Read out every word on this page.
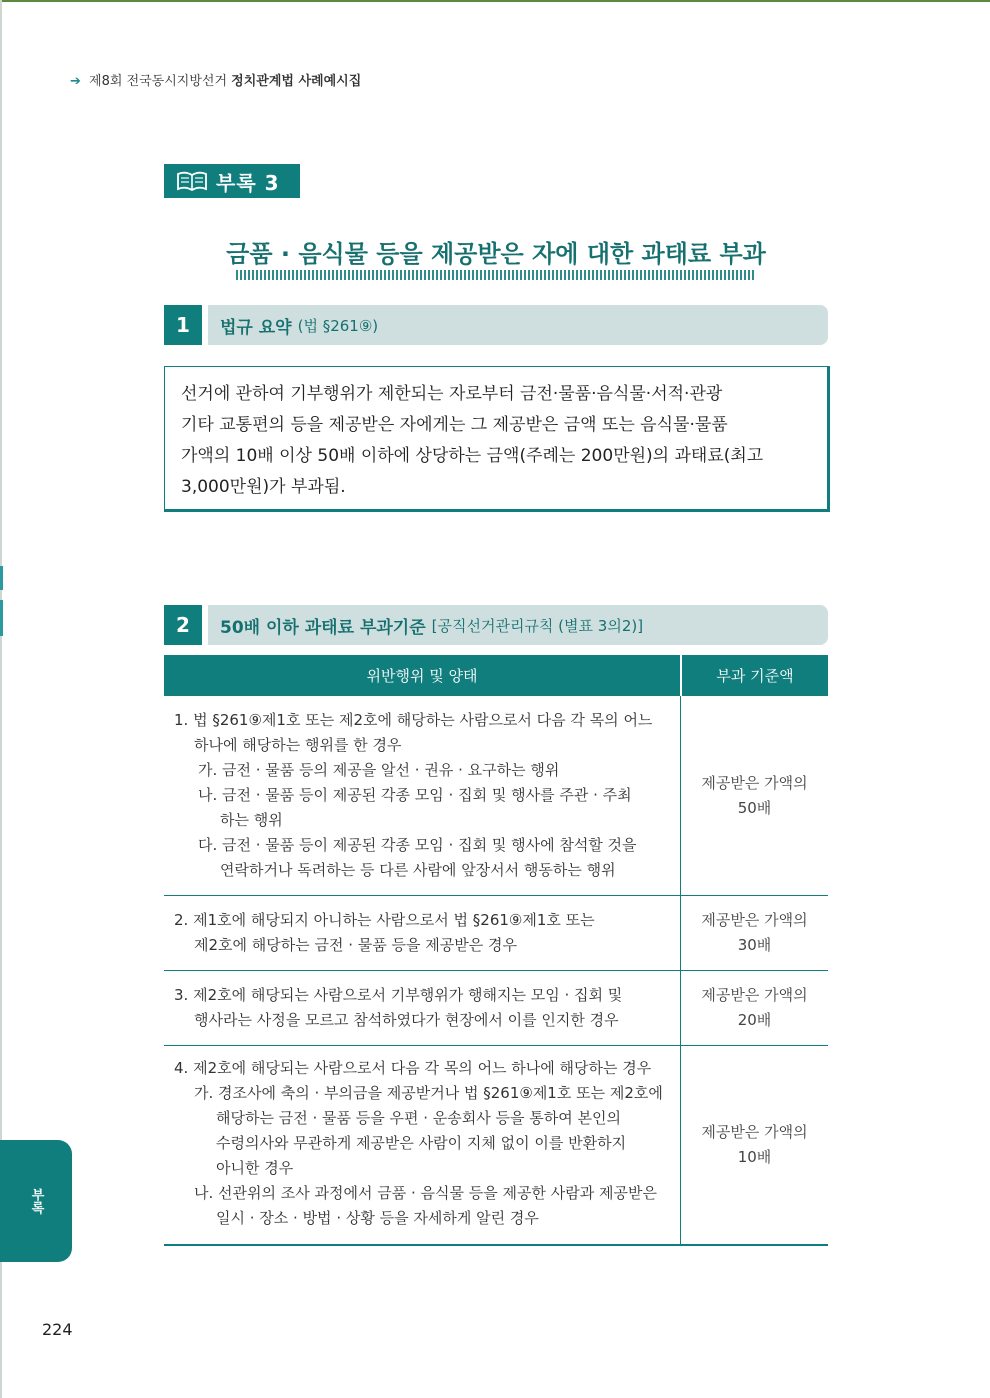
➔ 제8회 전국동시지방선거 정치관계법 사례예시집
부록 3
금품 · 음식물 등을 제공받은 자에 대한 과태료 부과
1	법규 요약 (법 §261⑨)

선거에 관하여 기부행위가 제한되는 자로부터 금전·물품·음식물·서적·관광

기타 교통편의 등을 제공받은 자에게는 그 제공받은 금액 또는 음식물·물품

가액의 10배 이상 50배 이하에 상당하는 금액(주례는 200만원)의 과태료(최고

3,000만원)가 부과됨.

2	50배 이하 과태료 부과기준 [공직선거관리규칙 (별표 3의2)]
위반행위 및 양태	부과 기준액
1. 법 §261⑨제1호 또는 제2호에 해당하는 사람으로서 다음 각 목의 어느
하나에 해당하는 행위를 한 경우
가. 금전 · 물품 등의 제공을 알선 · 권유 · 요구하는 행위
나. 금전 · 물품 등이 제공된 각종 모임 · 집회 및 행사를 주관 · 주최
하는 행위
다. 금전 · 물품 등이 제공된 각종 모임 · 집회 및 행사에 참석할 것을
연락하거나 독려하는 등 다른 사람에 앞장서서 행동하는 행위
제공받은 가액의
50배
2. 제1호에 해당되지 아니하는 사람으로서 법 §261⑨제1호 또는
제2호에 해당하는 금전 · 물품 등을 제공받은 경우
제공받은 가액의
30배
3. 제2호에 해당되는 사람으로서 기부행위가 행해지는 모임 · 집회 및
행사라는 사정을 모르고 참석하였다가 현장에서 이를 인지한 경우
제공받은 가액의
20배
4. 제2호에 해당되는 사람으로서 다음 각 목의 어느 하나에 해당하는 경우
가. 경조사에 축의 · 부의금을 제공받거나 법 §261⑨제1호 또는 제2호에
해당하는 금전 · 물품 등을 우편 · 운송회사 등을 통하여 본인의
수령의사와 무관하게 제공받은 사람이 지체 없이 이를 반환하지
아니한 경우
나. 선관위의 조사 과정에서 금품 · 음식물 등을 제공한 사람과 제공받은
일시 · 장소 · 방법 · 상황 등을 자세하게 알린 경우
제공받은 가액의
10배
부록
224
